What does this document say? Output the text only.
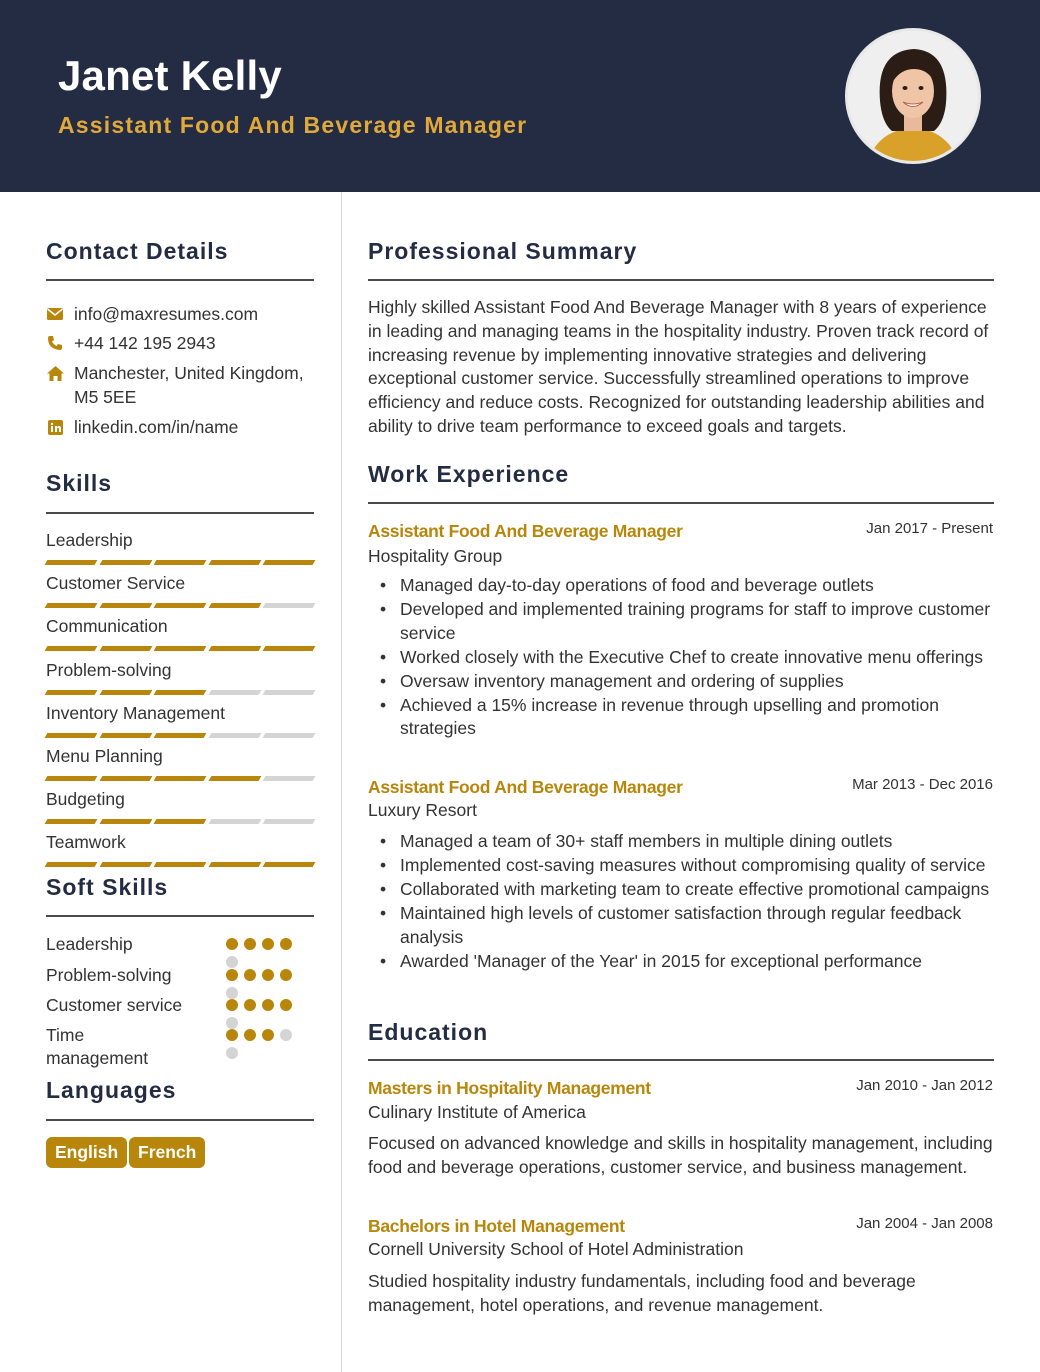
Janet Kelly
Assistant Food And Beverage Manager
Contact Details
info@maxresumes.com
+44 142 195 2943
Manchester, United Kingdom, M5 5EE
linkedin.com/in/name
Skills
Leadership
Customer Service
Communication
Problem-solving
Inventory Management
Menu Planning
Budgeting
Teamwork
Soft Skills
Leadership
Problem-solving
Customer service
Time management
Languages
English	French
Professional Summary
Highly skilled Assistant Food And Beverage Manager with 8 years of experience in leading and managing teams in the hospitality industry. Proven track record of increasing revenue by implementing innovative strategies and delivering exceptional customer service. Successfully streamlined operations to improve efficiency and reduce costs. Recognized for outstanding leadership abilities and ability to drive team performance to exceed goals and targets.
Work Experience
Assistant Food And Beverage Manager	Jan 2017 - Present
Hospitality Group
• Managed day-to-day operations of food and beverage outlets
• Developed and implemented training programs for staff to improve customer service
• Worked closely with the Executive Chef to create innovative menu offerings
• Oversaw inventory management and ordering of supplies
• Achieved a 15% increase in revenue through upselling and promotion strategies
Assistant Food And Beverage Manager	Mar 2013 - Dec 2016
Luxury Resort
• Managed a team of 30+ staff members in multiple dining outlets
• Implemented cost-saving measures without compromising quality of service
• Collaborated with marketing team to create effective promotional campaigns
• Maintained high levels of customer satisfaction through regular feedback analysis
• Awarded 'Manager of the Year' in 2015 for exceptional performance
Education
Masters in Hospitality Management	Jan 2010 - Jan 2012
Culinary Institute of America
Focused on advanced knowledge and skills in hospitality management, including food and beverage operations, customer service, and business management.
Bachelors in Hotel Management	Jan 2004 - Jan 2008
Cornell University School of Hotel Administration
Studied hospitality industry fundamentals, including food and beverage management, hotel operations, and revenue management.
